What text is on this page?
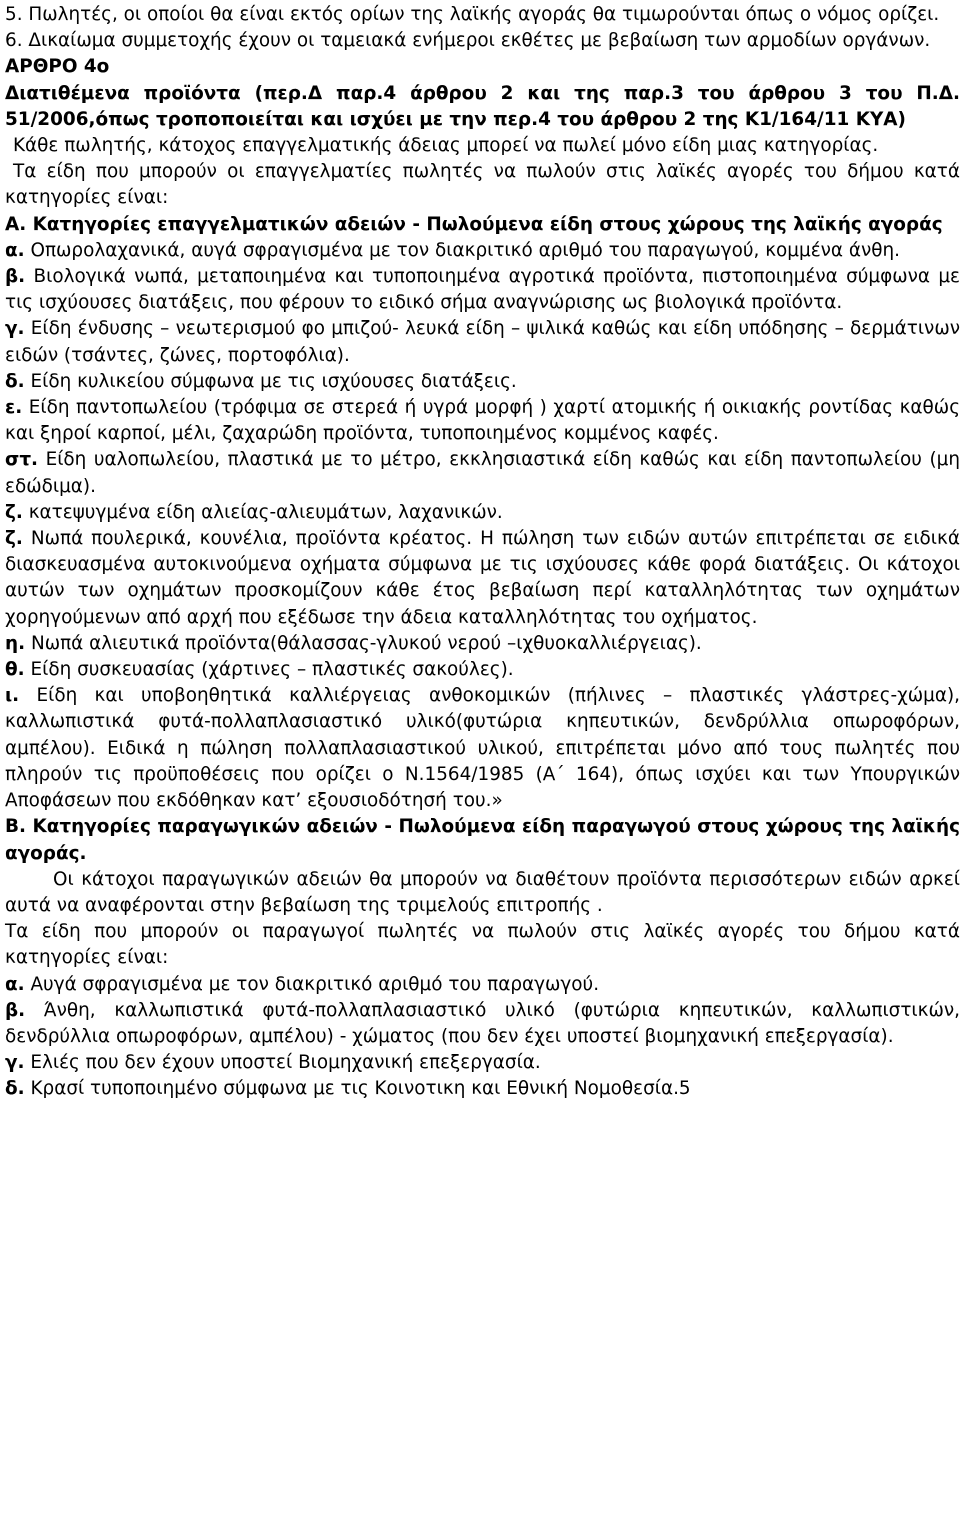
5. Πωλητές, οι οποίοι θα είναι εκτός ορίων της λαϊκής αγοράς θα τιμωρούνται όπως ο νόμος ορίζει.

6. Δικαίωμα συμμετοχής έχουν οι ταμειακά ενήμεροι εκθέτες με βεβαίωση των αρμοδίων οργάνων.

ΑΡΘΡΟ 4ο

Διατιθέμενα προϊόντα (περ.Δ παρ.4 άρθρου 2 και της παρ.3 του άρθρου 3 του Π.Δ. 51/2006,όπως τροποποιείται και ισχύει με την περ.4 του άρθρου 2 της Κ1/164/11 ΚΥΑ)

Κάθε πωλητής, κάτοχος επαγγελματικής άδειας μπορεί να πωλεί μόνο είδη μιας κατηγορίας.

Τα είδη που μπορούν οι επαγγελματίες πωλητές να πωλούν στις λαϊκές αγορές του δήμου κατά κατηγορίες είναι:

Α. Κατηγορίες επαγγελματικών αδειών - Πωλούμενα είδη στους χώρους της λαϊκής αγοράς

α. Οπωρολαχανικά, αυγά σφραγισμένα με τον διακριτικό αριθμό του παραγωγού, κομμένα άνθη.

β. Βιολογικά νωπά, μεταποιημένα και τυποποιημένα αγροτικά προϊόντα, πιστοποιημένα σύμφωνα με τις ισχύουσες διατάξεις, που φέρουν το ειδικό σήμα αναγνώρισης ως βιολογικά προϊόντα.

γ. Είδη ένδυσης – νεωτερισμού φο μπιζού- λευκά είδη – ψιλικά καθώς και είδη υπόδησης – δερμάτινων ειδών (τσάντες, ζώνες, πορτοφόλια).

δ. Είδη κυλικείου σύμφωνα με τις ισχύουσες διατάξεις.

ε. Είδη παντοπωλείου (τρόφιμα σε στερεά ή υγρά μορφή ) χαρτί ατομικής ή οικιακής ροντίδας καθώς και ξηροί καρποί, μέλι, ζαχαρώδη προϊόντα, τυποποιημένος κομμένος καφές.

στ. Είδη υαλοπωλείου, πλαστικά με το μέτρο, εκκλησιαστικά είδη καθώς και είδη παντοπωλείου (μη εδώδιμα).

ζ. κατεψυγμένα είδη αλιείας-αλιευμάτων, λαχανικών.

ζ. Νωπά πουλερικά, κουνέλια, προϊόντα κρέατος. Η πώληση των ειδών αυτών επιτρέπεται σε ειδικά διασκευασμένα αυτοκινούμενα οχήματα σύμφωνα με τις ισχύουσες κάθε φορά διατάξεις. Οι κάτοχοι αυτών των οχημάτων προσκομίζουν κάθε έτος βεβαίωση περί καταλληλότητας των οχημάτων χορηγούμενων από αρχή που εξέδωσε την άδεια καταλληλότητας του οχήματος.

η. Νωπά αλιευτικά προϊόντα(θάλασσας-γλυκού νερού –ιχθυοκαλλιέργειας).

θ. Είδη συσκευασίας (χάρτινες – πλαστικές σακούλες).

ι. Είδη και υποβοηθητικά καλλιέργειας ανθοκομικών (πήλινες – πλαστικές γλάστρες-χώμα), καλλωπιστικά φυτά-πολλαπλασιαστικό υλικό(φυτώρια κηπευτικών, δενδρύλλια οπωροφόρων, αμπέλου). Ειδικά η πώληση πολλαπλασιαστικού υλικού, επιτρέπεται μόνο από τους πωλητές που πληρούν τις προϋποθέσεις που ορίζει ο Ν.1564/1985 (Α΄ 164), όπως ισχύει και των Υπουργικών Αποφάσεων που εκδόθηκαν κατ’ εξουσιοδότησή του.»

Β. Κατηγορίες παραγωγικών αδειών - Πωλούμενα είδη παραγωγού στους χώρους της λαϊκής αγοράς.

Οι κάτοχοι παραγωγικών αδειών θα μπορούν να διαθέτουν προϊόντα περισσότερων ειδών αρκεί αυτά να αναφέρονται στην βεβαίωση της τριμελούς επιτροπής .

Τα είδη που μπορούν οι παραγωγοί πωλητές να πωλούν στις λαϊκές αγορές του δήμου κατά κατηγορίες είναι:

α. Αυγά σφραγισμένα με τον διακριτικό αριθμό του παραγωγού.

β. Άνθη, καλλωπιστικά φυτά-πολλαπλασιαστικό υλικό (φυτώρια κηπευτικών, καλλωπιστικών, δενδρύλλια οπωροφόρων, αμπέλου) - χώματος (που δεν έχει υποστεί βιομηχανική επεξεργασία).

γ. Ελιές που δεν έχουν υποστεί Βιομηχανική επεξεργασία.

δ. Κρασί τυποποιημένο σύμφωνα με τις Κοινοτικη και Εθνική Νομοθεσία.5
